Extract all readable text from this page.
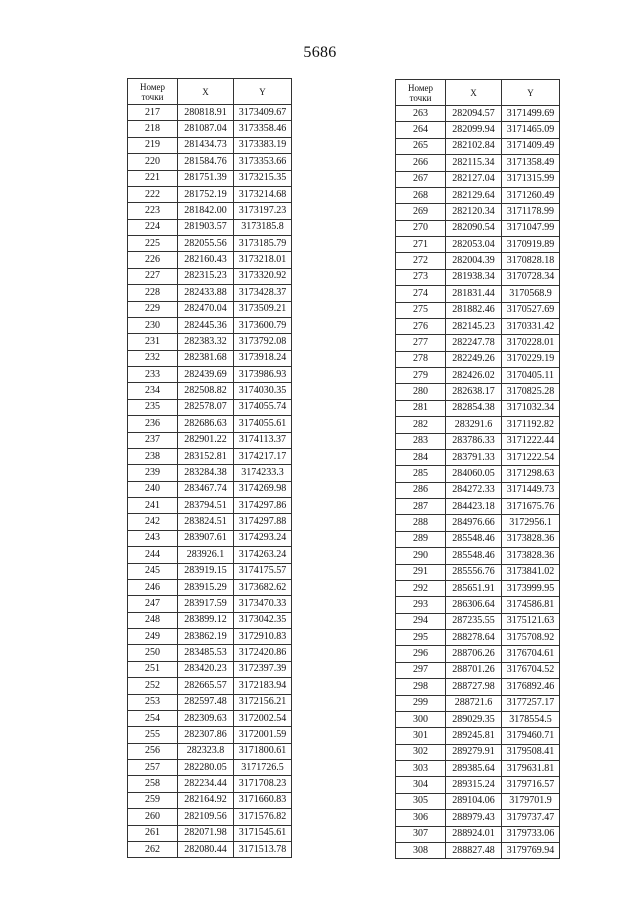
5686
Номер точки	X	Y
217	280818.91	3173409.67
218	281087.04	3173358.46
219	281434.73	3173383.19
220	281584.76	3173353.66
221	281751.39	3173215.35
222	281752.19	3173214.68
223	281842.00	3173197.23
224	281903.57	3173185.8
225	282055.56	3173185.79
226	282160.43	3173218.01
227	282315.23	3173320.92
228	282433.88	3173428.37
229	282470.04	3173509.21
230	282445.36	3173600.79
231	282383.32	3173792.08
232	282381.68	3173918.24
233	282439.69	3173986.93
234	282508.82	3174030.35
235	282578.07	3174055.74
236	282686.63	3174055.61
237	282901.22	3174113.37
238	283152.81	3174217.17
239	283284.38	3174233.3
240	283467.74	3174269.98
241	283794.51	3174297.86
242	283824.51	3174297.88
243	283907.61	3174293.24
244	283926.1	3174263.24
245	283919.15	3174175.57
246	283915.29	3173682.62
247	283917.59	3173470.33
248	283899.12	3173042.35
249	283862.19	3172910.83
250	283485.53	3172420.86
251	283420.23	3172397.39
252	282665.57	3172183.94
253	282597.48	3172156.21
254	282309.63	3172002.54
255	282307.86	3172001.59
256	282323.8	3171800.61
257	282280.05	3171726.5
258	282234.44	3171708.23
259	282164.92	3171660.83
260	282109.56	3171576.82
261	282071.98	3171545.61
262	282080.44	3171513.78
Номер точки	X	Y
263	282094.57	3171499.69
264	282099.94	3171465.09
265	282102.84	3171409.49
266	282115.34	3171358.49
267	282127.04	3171315.99
268	282129.64	3171260.49
269	282120.34	3171178.99
270	282090.54	3171047.99
271	282053.04	3170919.89
272	282004.39	3170828.18
273	281938.34	3170728.34
274	281831.44	3170568.9
275	281882.46	3170527.69
276	282145.23	3170331.42
277	282247.78	3170228.01
278	282249.26	3170229.19
279	282426.02	3170405.11
280	282638.17	3170825.28
281	282854.38	3171032.34
282	283291.6	3171192.82
283	283786.33	3171222.44
284	283791.33	3171222.54
285	284060.05	3171298.63
286	284272.33	3171449.73
287	284423.18	3171675.76
288	284976.66	3172956.1
289	285548.46	3173828.36
290	285548.46	3173828.36
291	285556.76	3173841.02
292	285651.91	3173999.95
293	286306.64	3174586.81
294	287235.55	3175121.63
295	288278.64	3175708.92
296	288706.26	3176704.61
297	288701.26	3176704.52
298	288727.98	3176892.46
299	288721.6	3177257.17
300	289029.35	3178554.5
301	289245.81	3179460.71
302	289279.91	3179508.41
303	289385.64	3179631.81
304	289315.24	3179716.57
305	289104.06	3179701.9
306	288979.43	3179737.47
307	288924.01	3179733.06
308	288827.48	3179769.94
